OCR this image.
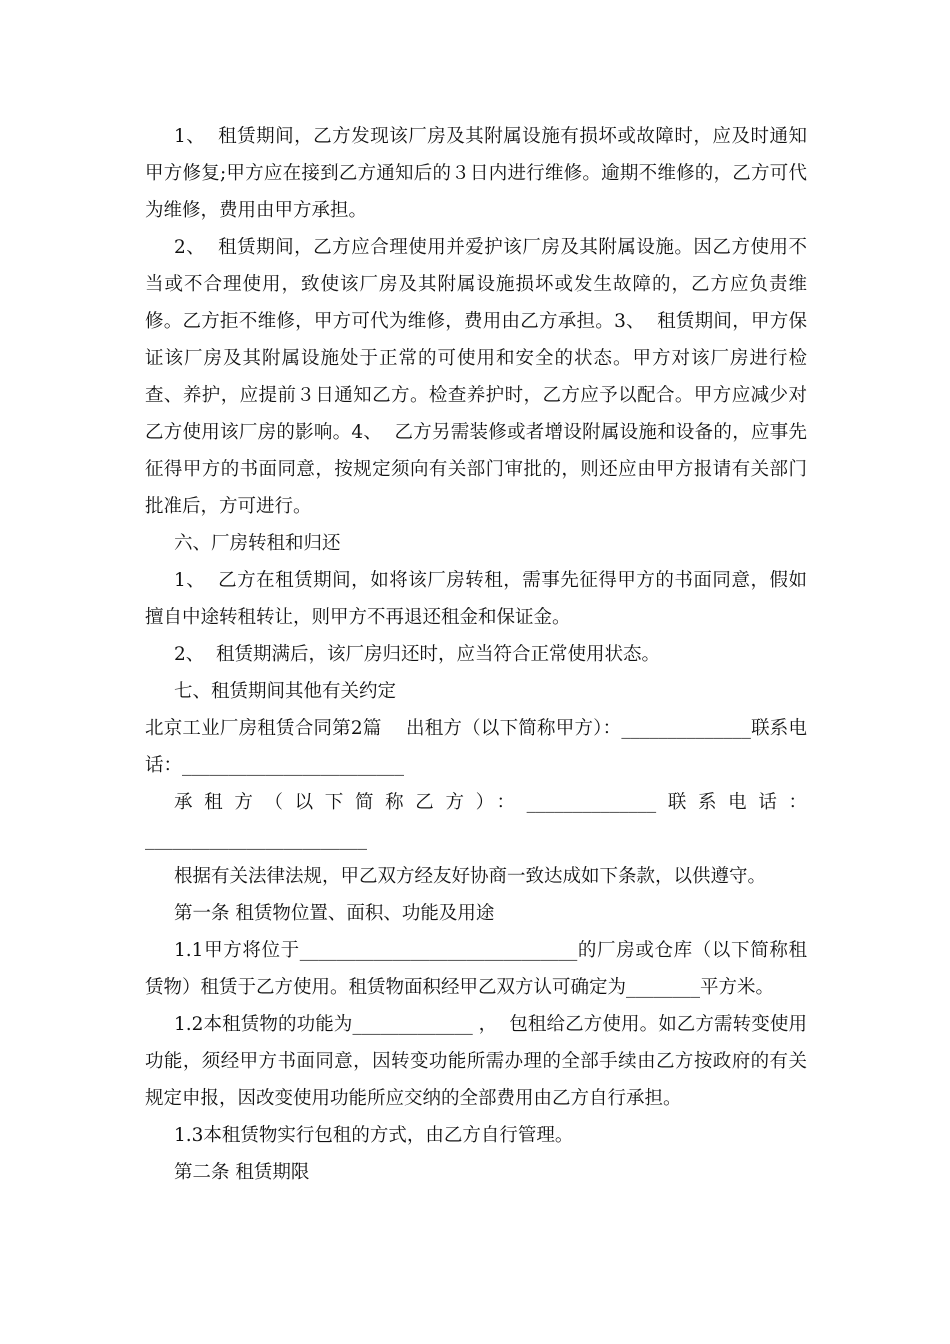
1、  租赁期间，乙方发现该厂房及其附属设施有损坏或故障时，应及时通知甲方修复;甲方应在接到乙方通知后的３日内进行维修。逾期不维修的，乙方可代为维修，费用由甲方承担。

2、  租赁期间，乙方应合理使用并爱护该厂房及其附属设施。因乙方使用不当或不合理使用，致使该厂房及其附属设施损坏或发生故障的，乙方应负责维修。乙方拒不维修，甲方可代为维修，费用由乙方承担。3、  租赁期间，甲方保证该厂房及其附属设施处于正常的可使用和安全的状态。甲方对该厂房进行检查、养护，应提前３日通知乙方。检查养护时，乙方应予以配合。甲方应减少对乙方使用该厂房的影响。4、  乙方另需装修或者增设附属设施和设备的，应事先征得甲方的书面同意，按规定须向有关部门审批的，则还应由甲方报请有关部门批准后，方可进行。

六、厂房转租和归还

1、  乙方在租赁期间，如将该厂房转租，需事先征得甲方的书面同意，假如擅自中途转租转让，则甲方不再退还租金和保证金。

2、  租赁期满后，该厂房归还时，应当符合正常使用状态。

七、租赁期间其他有关约定

北京工业厂房租赁合同第2篇    出租方（以下简称甲方）：______________联系电话：________________________

承租方（以下简称乙方）：______________联系电话：________________________

根据有关法律法规，甲乙双方经友好协商一致达成如下条款，以供遵守。

第一条 租赁物位置、面积、功能及用途

1.1甲方将位于______________________________的厂房或仓库（以下简称租赁物）租赁于乙方使用。租赁物面积经甲乙双方认可确定为________平方米。

1.2本租赁物的功能为_____________ ，  包租给乙方使用。如乙方需转变使用功能，须经甲方书面同意，因转变功能所需办理的全部手续由乙方按政府的有关规定申报，因改变使用功能所应交纳的全部费用由乙方自行承担。

1.3本租赁物实行包租的方式，由乙方自行管理。

第二条 租赁期限
